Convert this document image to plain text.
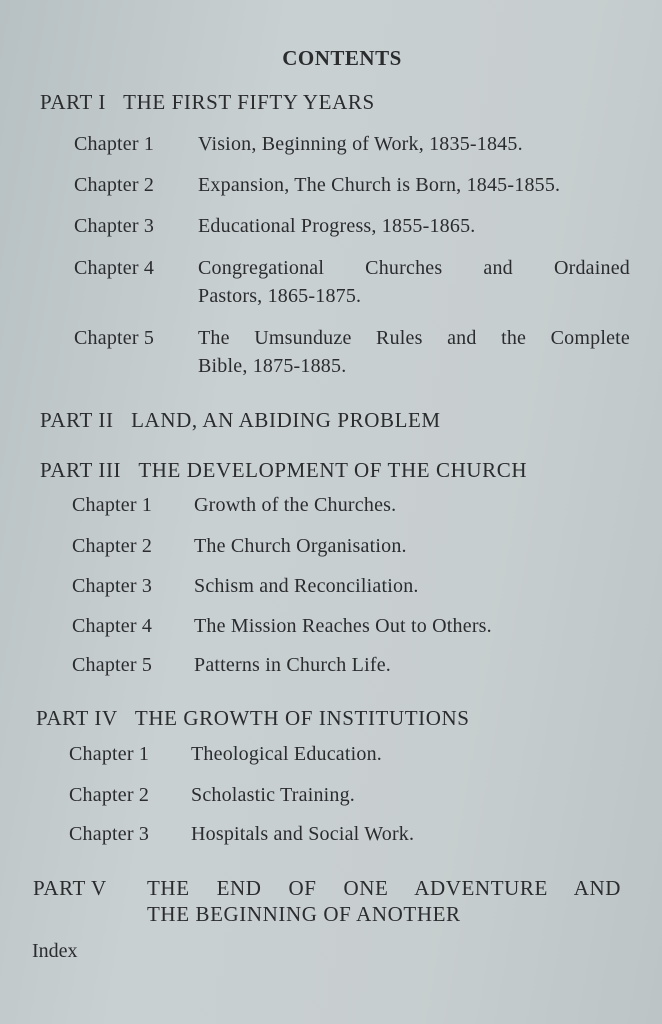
CONTENTS
PART I THE FIRST FIFTY YEARS
Chapter 1 Vision, Beginning of Work, 1835-1845.
Chapter 2 Expansion, The Church is Born, 1845-1855.
Chapter 3 Educational Progress, 1855-1865.
Chapter 4 Congregational Churches and Ordained
Pastors, 1865-1875.
Chapter 5 The Umsunduze Rules and the Complete
Bible, 1875-1885.
PART II LAND, AN ABIDING PROBLEM
PART III THE DEVELOPMENT OF THE CHURCH
Chapter 1 Growth of the Churches.
Chapter 2 The Church Organisation.
Chapter 3 Schism and Reconciliation.
Chapter 4 The Mission Reaches Out to Others.
Chapter 5 Patterns in Church Life.
PART IV THE GROWTH OF INSTITUTIONS
Chapter 1 Theological Education.
Chapter 2 Scholastic Training.
Chapter 3 Hospitals and Social Work.
PART V THE END OF ONE ADVENTURE AND
THE BEGINNING OF ANOTHER
Index
